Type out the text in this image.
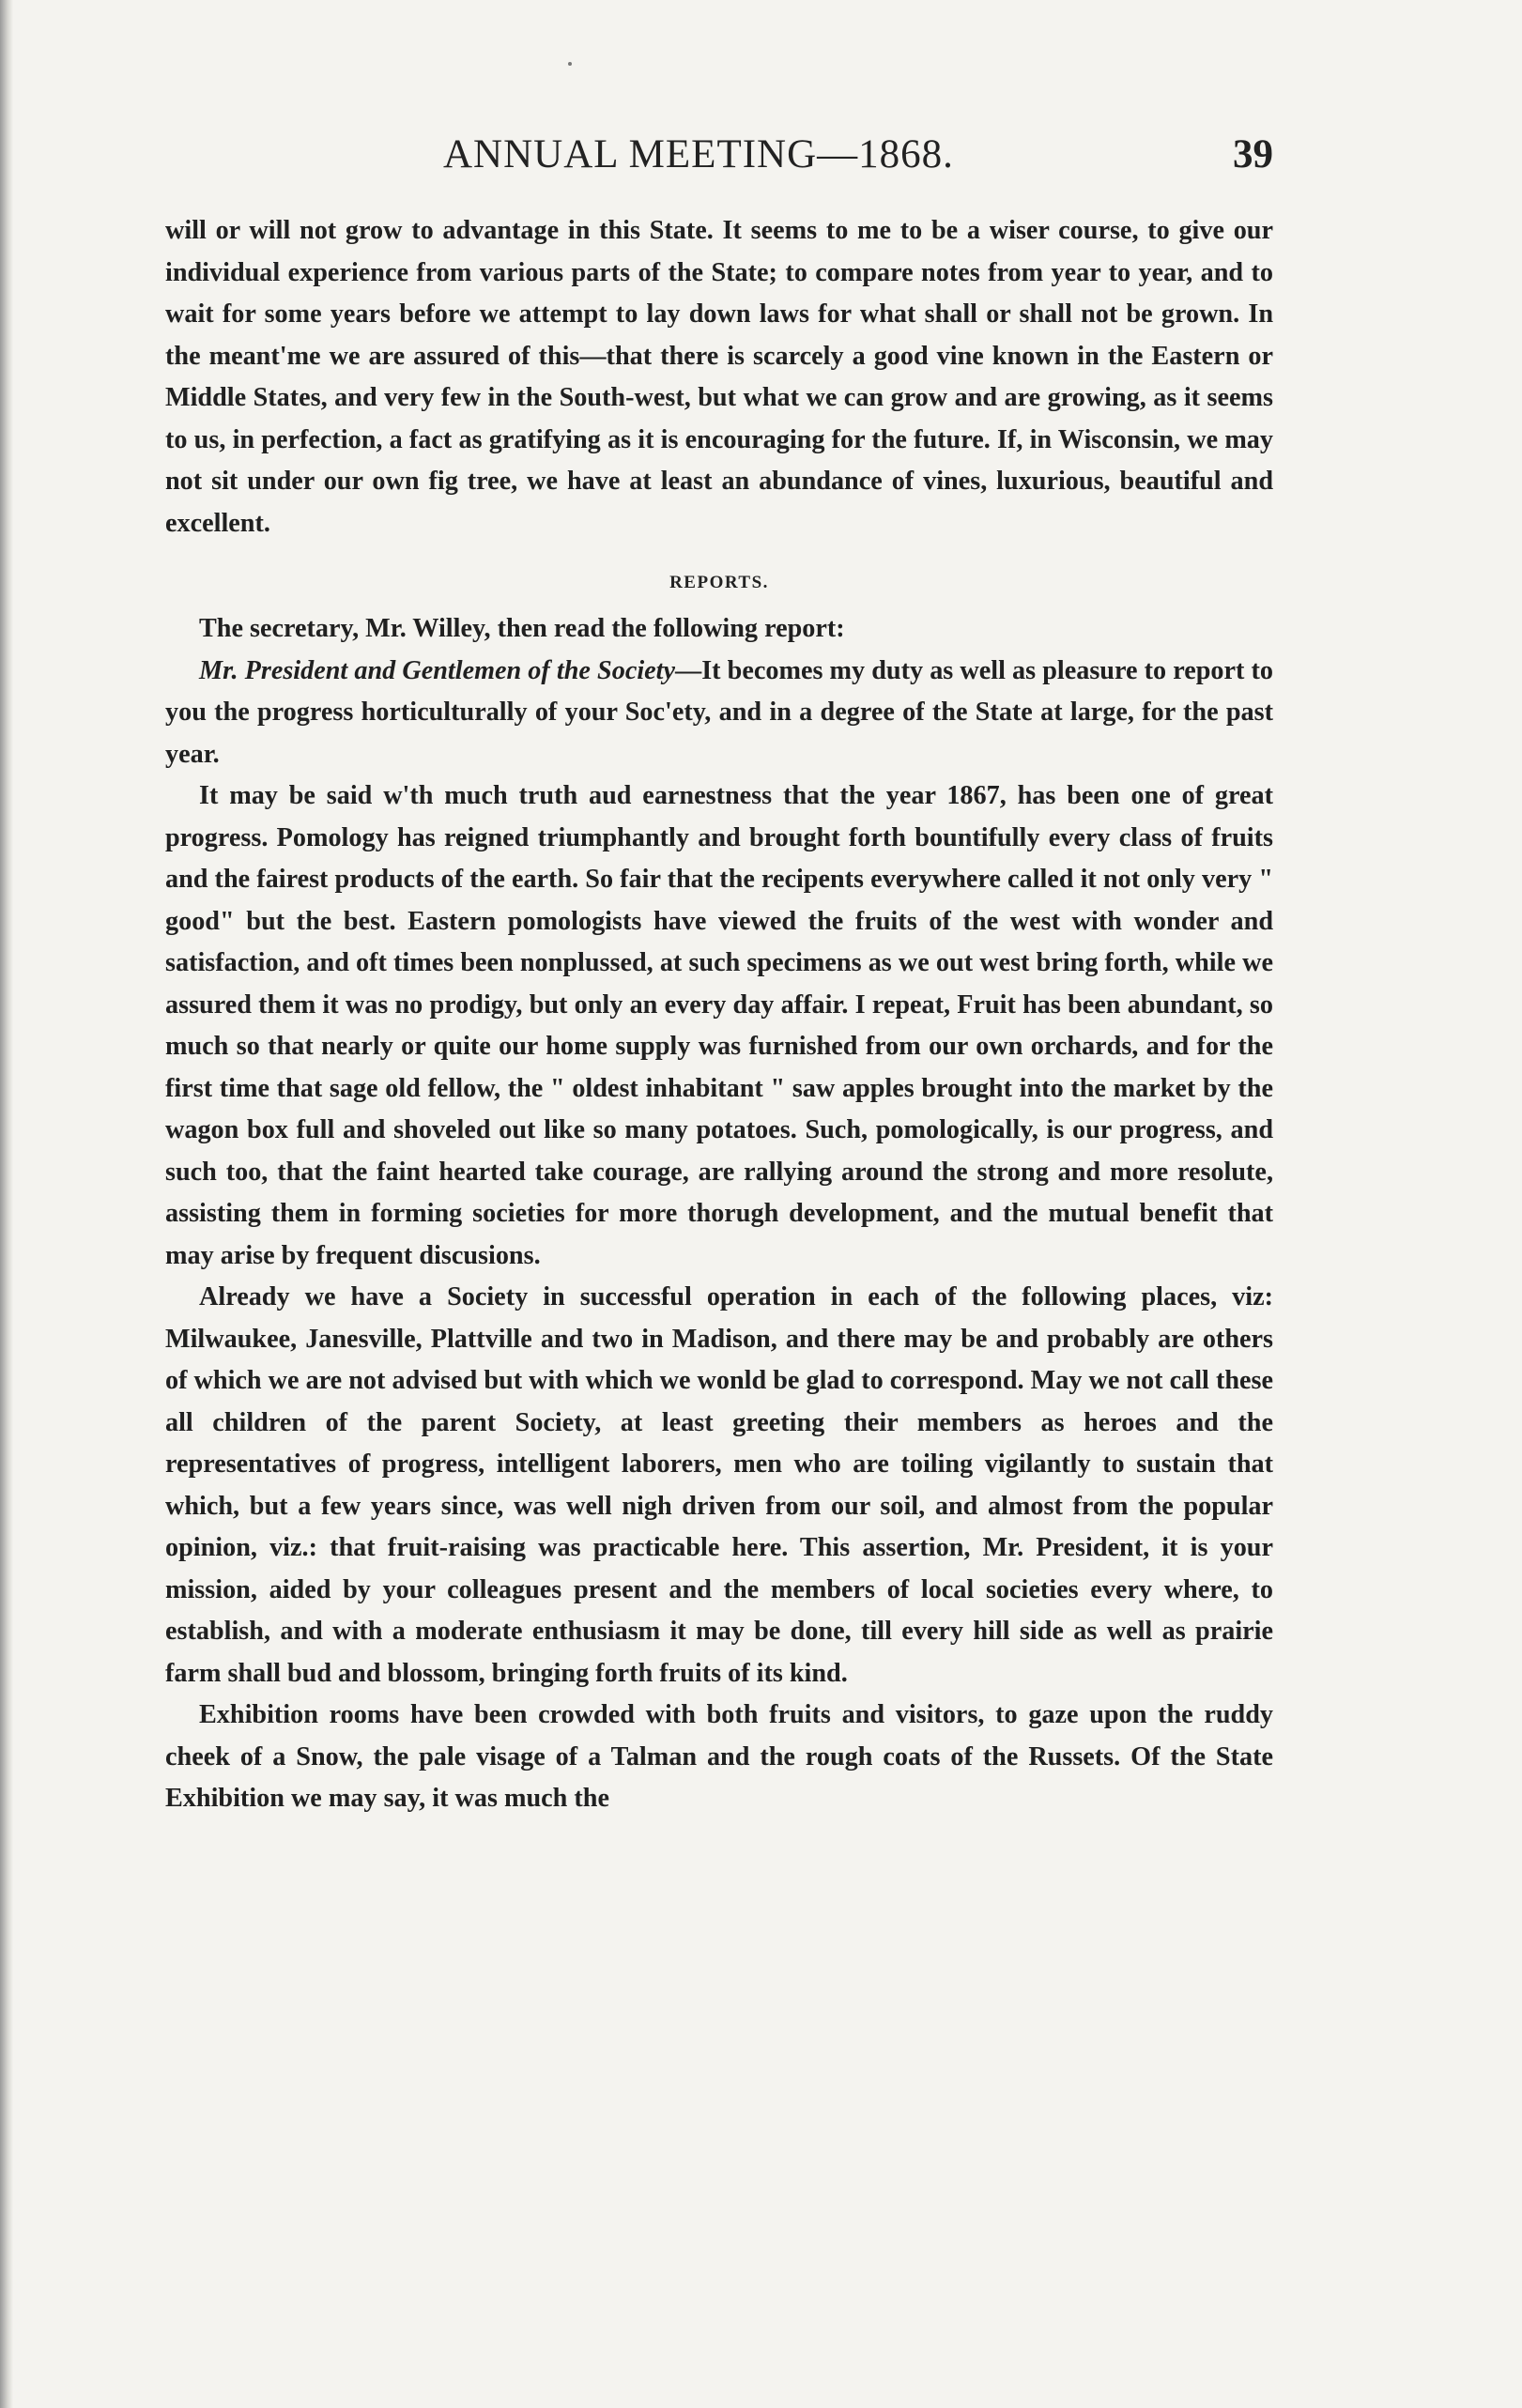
ANNUAL MEETING—1868.	39

will or will not grow to advantage in this State. It seems to me to be a wiser course, to give our individual experience from various parts of the State; to compare notes from year to year, and to wait for some years before we attempt to lay down laws for what shall or shall not be grown. In the meant'me we are assured of this—that there is scarcely a good vine known in the Eastern or Middle States, and very few in the South-west, but what we can grow and are growing, as it seems to us, in perfection, a fact as gratifying as it is encouraging for the future. If, in Wisconsin, we may not sit under our own fig tree, we have at least an abundance of vines, luxurious, beautiful and excellent.

REPORTS.

The secretary, Mr. Willey, then read the following report:

Mr. President and Gentlemen of the Society—It becomes my duty as well as pleasure to report to you the progress horticulturally of your Soc'ety, and in a degree of the State at large, for the past year.

It may be said w'th much truth aud earnestness that the year 1867, has been one of great progress. Pomology has reigned triumphantly and brought forth bountifully every class of fruits and the fairest products of the earth. So fair that the recipents everywhere called it not only very " good" but the best. Eastern pomologists have viewed the fruits of the west with wonder and satisfaction, and oft times been nonplussed, at such specimens as we out west bring forth, while we assured them it was no prodigy, but only an every day affair. I repeat, Fruit has been abundant, so much so that nearly or quite our home supply was furnished from our own orchards, and for the first time that sage old fellow, the " oldest inhabitant " saw apples brought into the market by the wagon box full and shoveled out like so many potatoes. Such, pomologically, is our progress, and such too, that the faint hearted take courage, are rallying around the strong and more resolute, assisting them in forming societies for more thorugh development, and the mutual benefit that may arise by frequent discusions.

Already we have a Society in successful operation in each of the following places, viz: Milwaukee, Janesville, Plattville and two in Madison, and there may be and probably are others of which we are not advised but with which we wonld be glad to correspond. May we not call these all children of the parent Society, at least greeting their members as heroes and the representatives of progress, intelligent laborers, men who are toiling vigilantly to sustain that which, but a few years since, was well nigh driven from our soil, and almost from the popular opinion, viz.: that fruit-raising was practicable here. This assertion, Mr. President, it is your mission, aided by your colleagues present and the members of local societies every where, to establish, and with a moderate enthusiasm it may be done, till every hill side as well as prairie farm shall bud and blossom, bringing forth fruits of its kind.

Exhibition rooms have been crowded with both fruits and visitors, to gaze upon the ruddy cheek of a Snow, the pale visage of a Talman and the rough coats of the Russets. Of the State Exhibition we may say, it was much the
